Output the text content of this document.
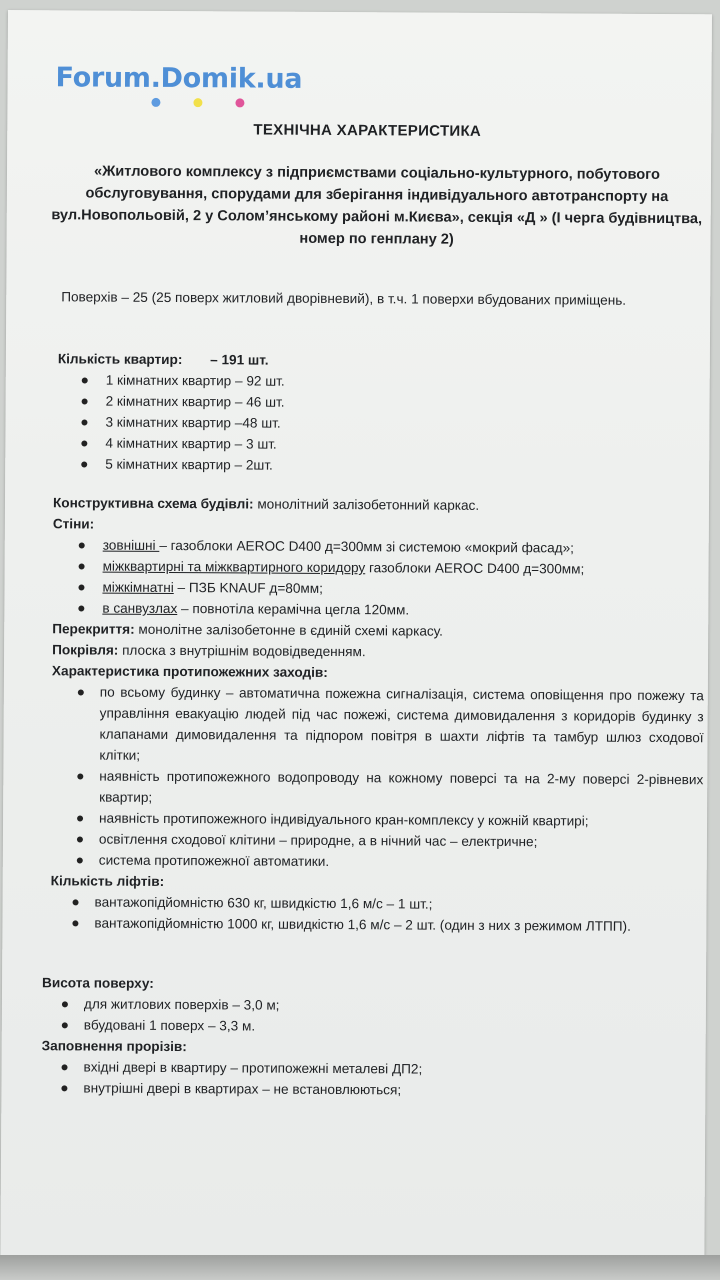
Forum.Domik.ua
ТЕХНІЧНА ХАРАКТЕРИСТИКА
«Житлового комплексу з підприємствами соціально-культурного, побутового обслуговування, спорудами для зберігання індивідуального автотранспорту на вул.Новопольовій, 2 у Солом’янському районі м.Києва», секція «Д » (І черга будівництва, номер по генплану 2)
Поверхів – 25 (25 поверх житловий дворівневий), в т.ч. 1 поверхи вбудованих приміщень.
Кількість квартир: – 191 шт.
1 кімнатних квартир – 92 шт.
2 кімнатних квартир – 46 шт.
3 кімнатних квартир –48 шт.
4 кімнатних квартир – 3 шт.
5 кімнатних квартир – 2шт.
Конструктивна схема будівлі: монолітний залізобетонний каркас.
Стіни:
зовнішні – газоблоки AEROC D400 д=300мм зі системою «мокрий фасад»;
міжквартирні та міжквартирного коридору газоблоки AEROC D400 д=300мм;
міжкімнатні – ПЗБ KNAUF д=80мм;
в санвузлах – повнотіла керамічна цегла 120мм.
Перекриття: монолітне залізобетонне в єдиній схемі каркасу.
Покрівля: плоска з внутрішнім водовідведенням.
Характеристика протипожежних заходів:
по всьому будинку – автоматична пожежна сигналізація, система оповіщення про пожежу та управління евакуацію людей під час пожежі, система димовидалення з коридорів будинку з клапанами димовидалення та підпором повітря в шахти ліфтів та тамбур шлюз сходової клітки;
наявність протипожежного водопроводу на кожному поверсі та на 2-му поверсі 2-рівневих квартир;
наявність протипожежного індивідуального кран-комплексу у кожній квартирі;
освітлення сходової клітини – природне, а в нічний час – електричне;
система протипожежної автоматики.
Кількість ліфтів:
вантажопідйомністю 630 кг, швидкістю 1,6 м/с – 1 шт.;
вантажопідйомністю 1000 кг, швидкістю 1,6 м/с – 2 шт. (один з них з режимом ЛТПП).
Висота поверху:
для житлових поверхів – 3,0 м;
вбудовані 1 поверх – 3,3 м.
Заповнення прорізів:
вхідні двері в квартиру – протипожежні металеві ДП2;
внутрішні двері в квартирах – не встановлюються;
